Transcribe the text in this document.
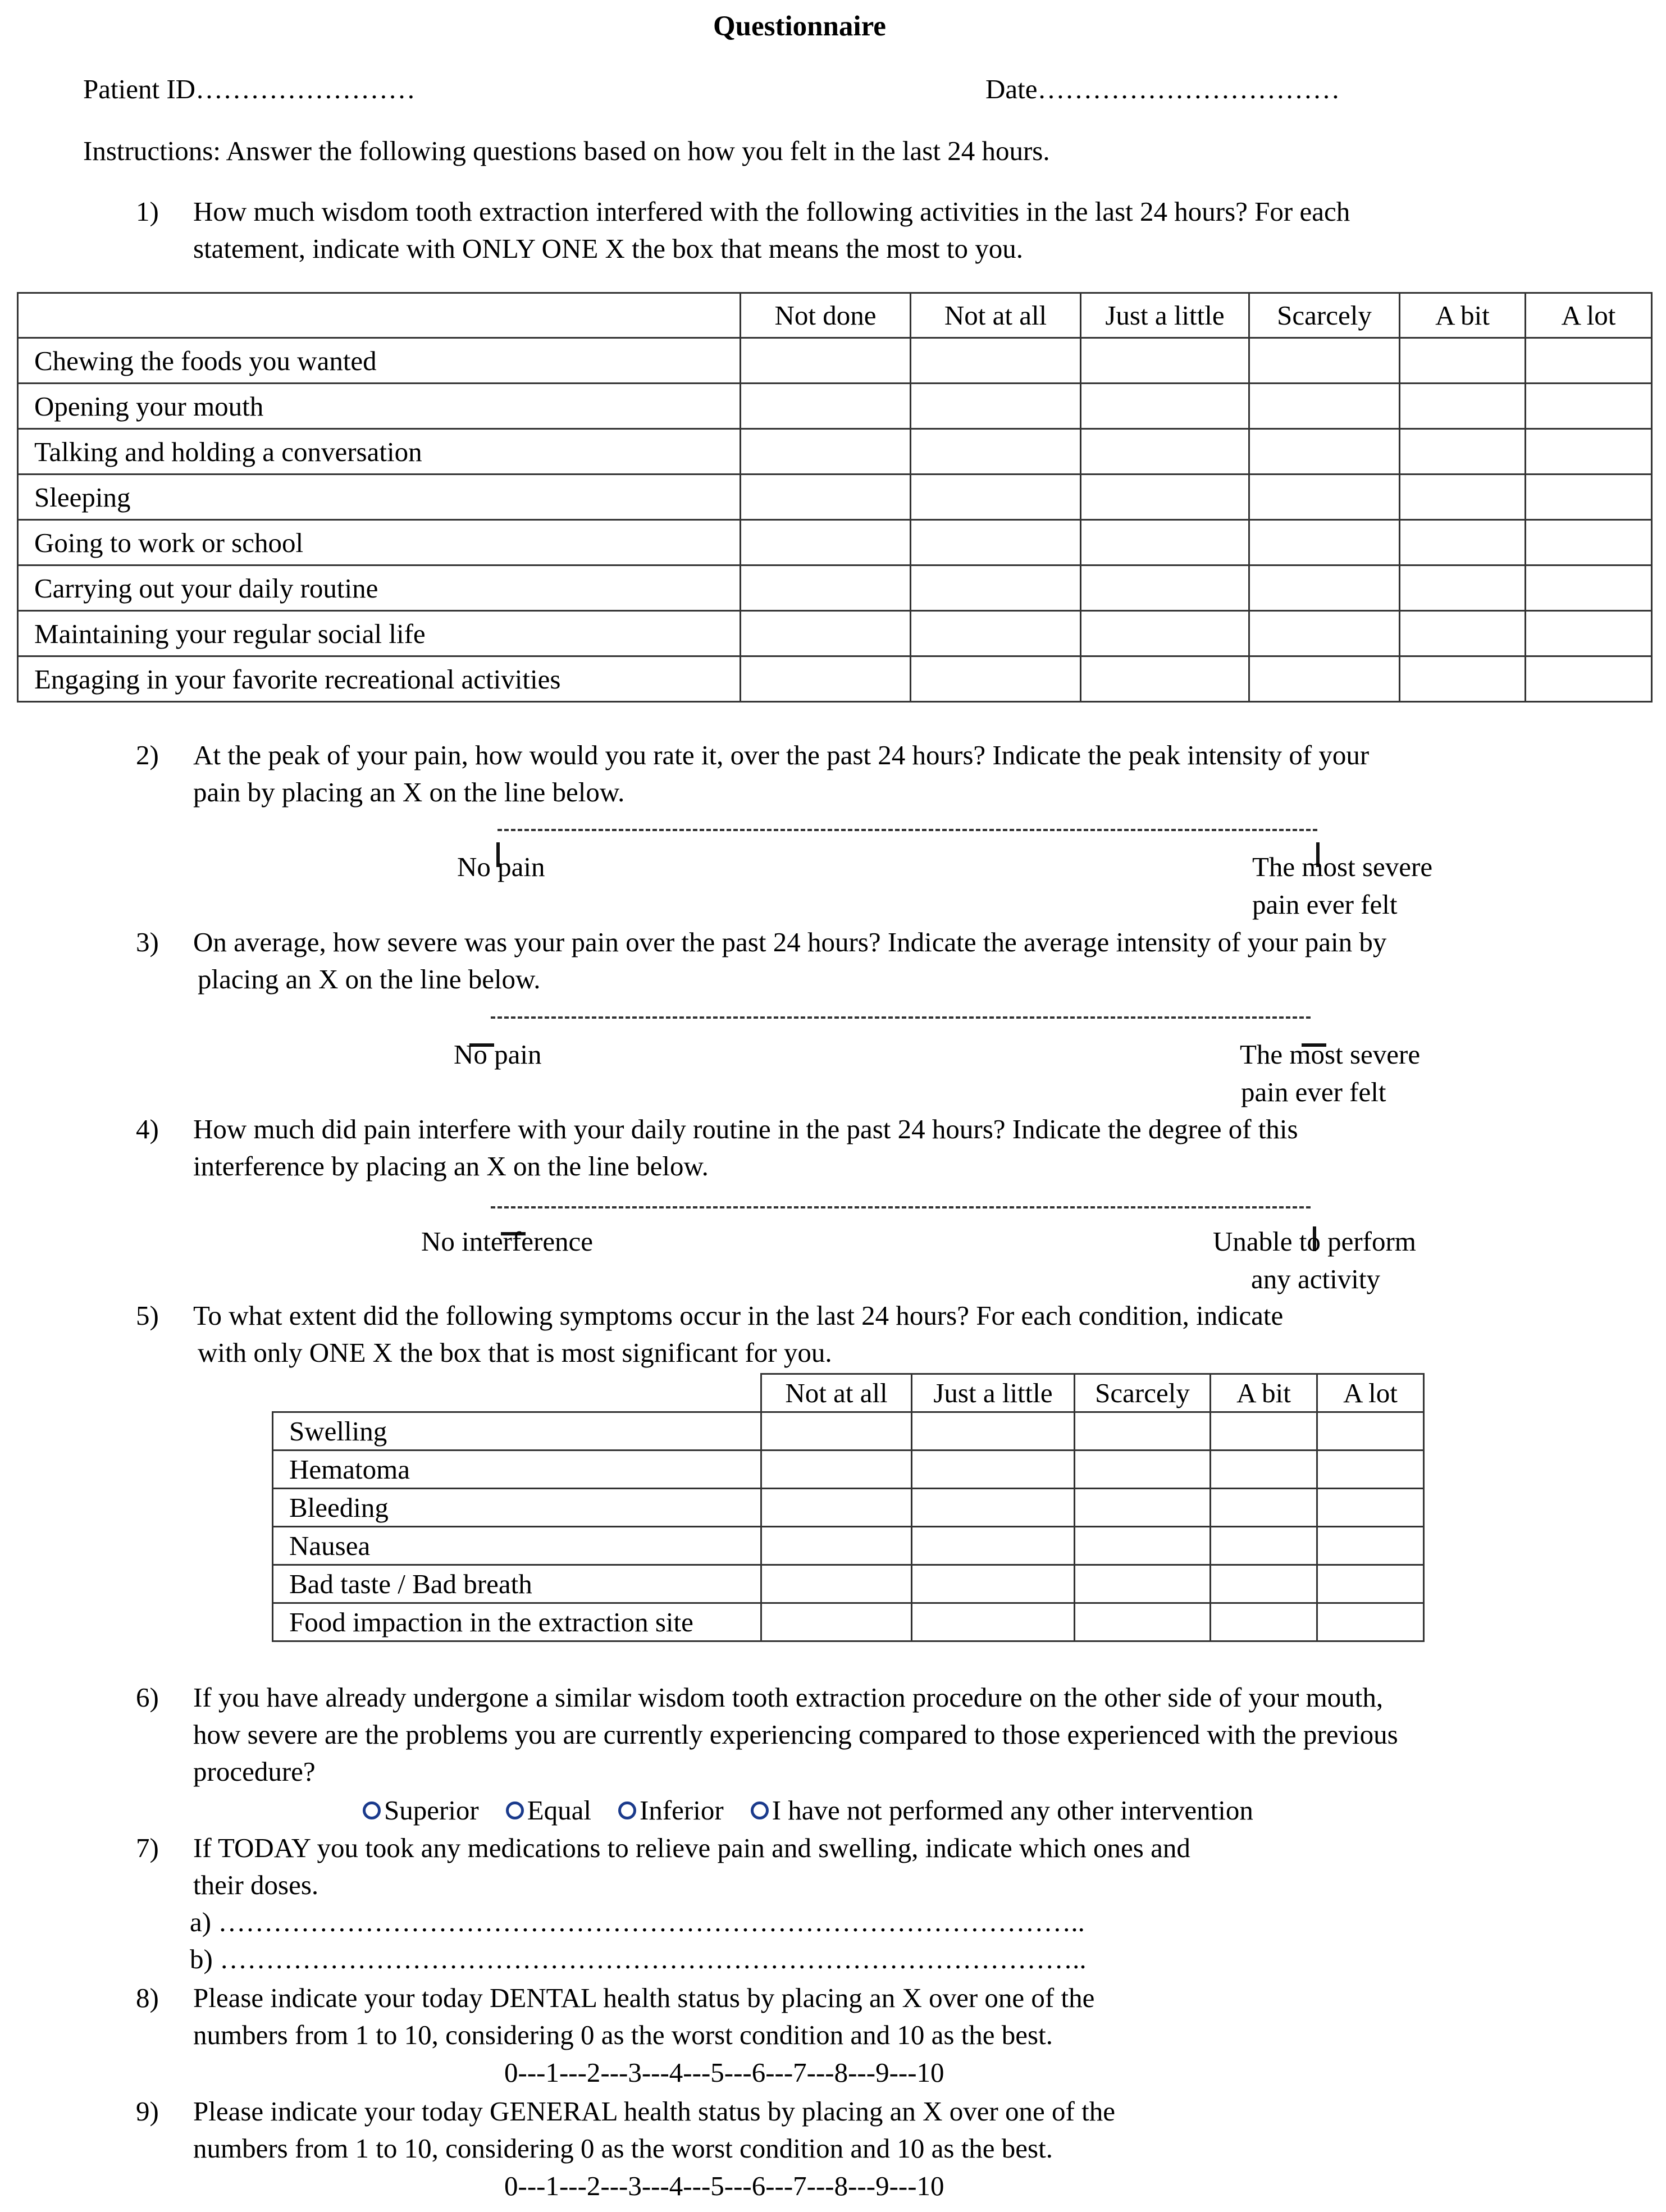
Questionnaire
Patient ID……………………	Date……………………………
Instructions: Answer the following questions based on how you felt in the last 24 hours.
1) How much wisdom tooth extraction interfered with the following activities in the last 24 hours? For each
statement, indicate with ONLY ONE X the box that means the most to you.
	Not done	Not at all	Just a little	Scarcely	A bit	A lot
Chewing the foods you wanted						
Opening your mouth						
Talking and holding a conversation						
Sleeping						
Going to work or school						
Carrying out your daily routine						
Maintaining your regular social life						
Engaging in your favorite recreational activities						
2) At the peak of your pain, how would you rate it, over the past 24 hours? Indicate the peak intensity of your
pain by placing an X on the line below.
No pain	The most severe
pain ever felt
3) On average, how severe was your pain over the past 24 hours? Indicate the average intensity of your pain by
placing an X on the line below.
No pain	The most severe
pain ever felt
4) How much did pain interfere with your daily routine in the past 24 hours? Indicate the degree of this
interference by placing an X on the line below.
No interference	Unable to perform
any activity
5) To what extent did the following symptoms occur in the last 24 hours? For each condition, indicate
with only ONE X the box that is most significant for you.
	Not at all	Just a little	Scarcely	A bit	A lot
Swelling					
Hematoma					
Bleeding					
Nausea					
Bad taste / Bad breath					
Food impaction in the extraction site					
6) If you have already undergone a similar wisdom tooth extraction procedure on the other side of your mouth,
how severe are the problems you are currently experiencing compared to those experienced with the previous
procedure?
Superior Equal Inferior I have not performed any other intervention
7) If TODAY you took any medications to relieve pain and swelling, indicate which ones and
their doses.
a) …………………………………………………………………………………..
b) …………………………………………………………………………………..
8) Please indicate your today DENTAL health status by placing an X over one of the
numbers from 1 to 10, considering 0 as the worst condition and 10 as the best.
0---1---2---3---4---5---6---7---8---9---10
9) Please indicate your today GENERAL health status by placing an X over one of the
numbers from 1 to 10, considering 0 as the worst condition and 10 as the best.
0---1---2---3---4---5---6---7---8---9---10
